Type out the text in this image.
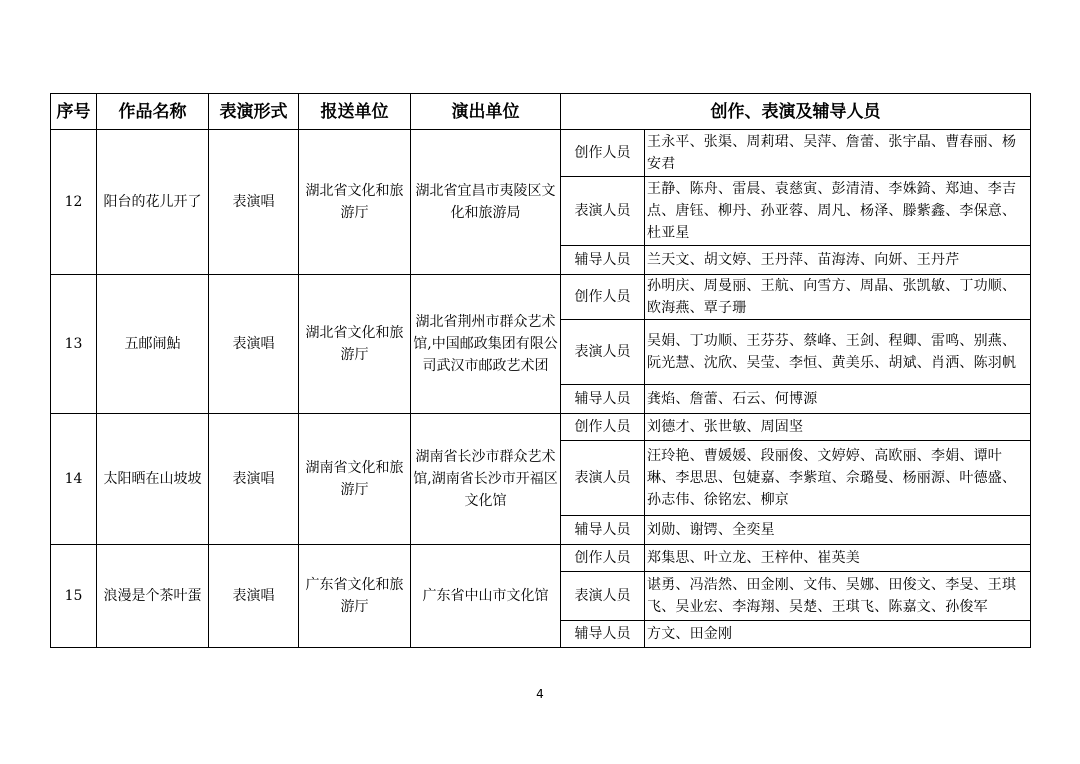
序号	作品名称	表演形式	报送单位	演出单位	创作、表演及辅导人员	
12	阳台的花儿开了	表演唱	湖北省文化和旅游厅	湖北省宜昌市夷陵区文化和旅游局	创作人员	王永平、张渠、周莉珺、吴萍、詹蕾、张宇晶、曹春丽、杨安君
					表演人员	王静、陈舟、雷晨、袁慈寅、彭清清、李姝錡、郑迪、李吉点、唐钰、柳丹、孙亚蓉、周凡、杨泽、滕紫鑫、李保意、杜亚星
					辅导人员	兰天文、胡文婷、王丹萍、苗海涛、向妍、王丹芹
13	五邮闹鮎	表演唱	湖北省文化和旅游厅	湖北省荆州市群众艺术馆,中国邮政集团有限公司武汉市邮政艺术团	创作人员	孙明庆、周曼丽、王航、向雪方、周晶、张凯敏、丁功顺、欧海燕、覃子珊
					表演人员	吴娟、丁功顺、王芬芬、蔡峰、王剑、程卿、雷鸣、别燕、阮光慧、沈欣、吴莹、李恒、黄美乐、胡斌、肖洒、陈羽帆
					辅导人员	龚焰、詹蕾、石云、何博源
14	太阳晒在山坡坡	表演唱	湖南省文化和旅游厅	湖南省长沙市群众艺术馆,湖南省长沙市开福区文化馆	创作人员	刘德才、张世敏、周固坚
					表演人员	汪玲艳、曹媛媛、段丽俊、文婷婷、高欧丽、李娟、谭叶琳、李思思、包婕嘉、李紫瑄、佘璐曼、杨丽源、叶德盛、孙志伟、徐铭宏、柳京
					辅导人员	刘勋、谢锷、全奕星
15	浪漫是个茶叶蛋	表演唱	广东省文化和旅游厅	广东省中山市文化馆	创作人员	郑集思、叶立龙、王梓仲、崔英美
					表演人员	谌勇、冯浩然、田金刚、文伟、吴娜、田俊文、李旻、王琪飞、吴业宏、李海翔、吴楚、王琪飞、陈嘉文、孙俊军
					辅导人员	方文、田金刚
4
